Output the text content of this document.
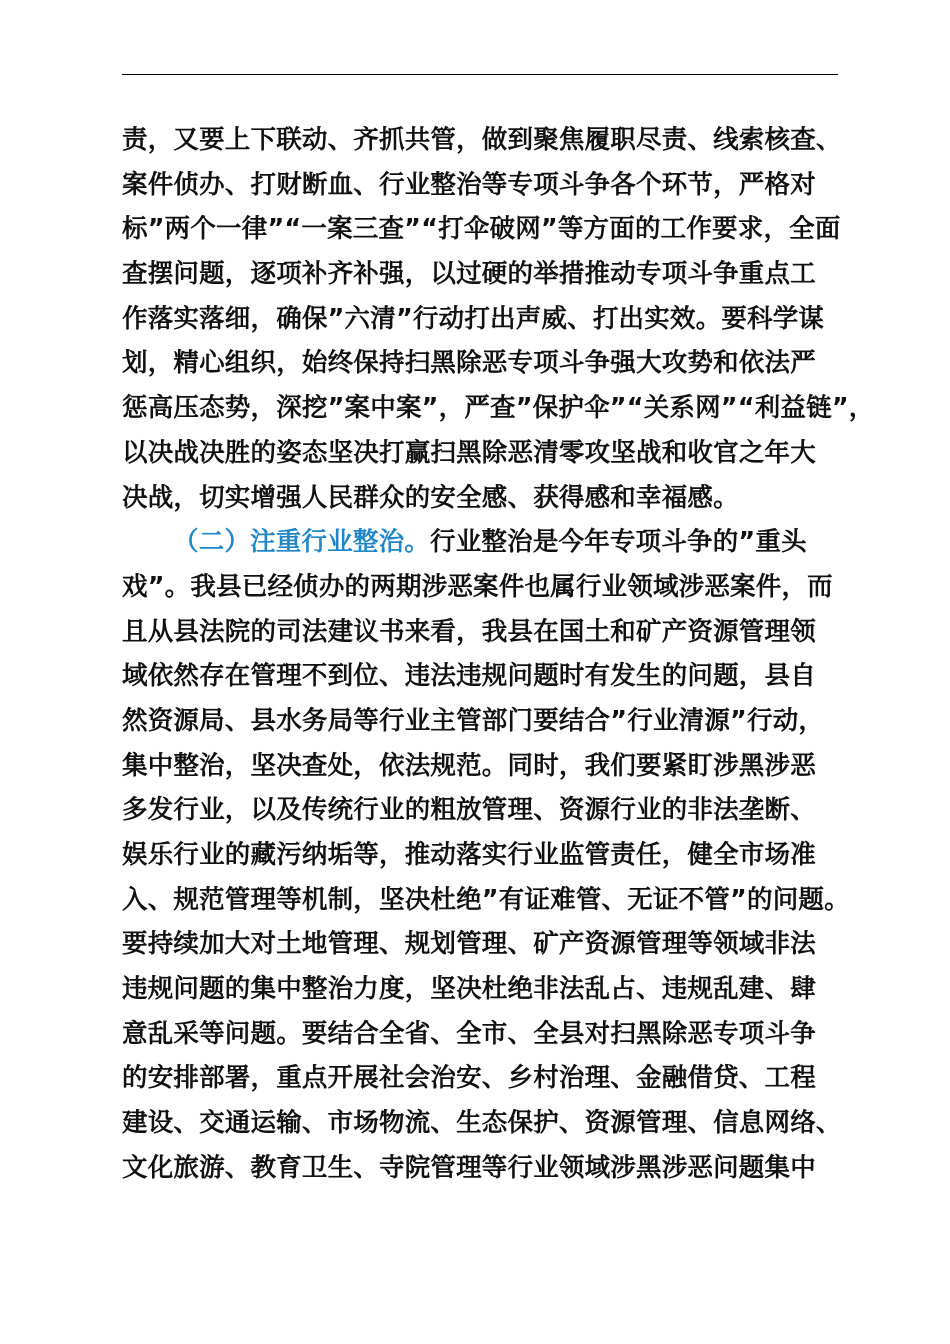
责，又要上下联动、齐抓共管，做到聚焦履职尽责、线索核查、
案件侦办、打财断血、行业整治等专项斗争各个环节，严格对
标”两个一律”“一案三查”“打伞破网”等方面的工作要求，全面
查摆问题，逐项补齐补强，以过硬的举措推动专项斗争重点工
作落实落细，确保”六清”行动打出声威、打出实效。要科学谋
划，精心组织，始终保持扫黑除恶专项斗争强大攻势和依法严
惩高压态势，深挖”案中案”，严查”保护伞”“关系网”“利益链”，
以决战决胜的姿态坚决打赢扫黑除恶清零攻坚战和收官之年大
决战，切实增强人民群众的安全感、获得感和幸福感。
（二）注重行业整治。行业整治是今年专项斗争的”重头
戏”。我县已经侦办的两期涉恶案件也属行业领域涉恶案件，而
且从县法院的司法建议书来看，我县在国土和矿产资源管理领
域依然存在管理不到位、违法违规问题时有发生的问题，县自
然资源局、县水务局等行业主管部门要结合”行业清源”行动，
集中整治，坚决查处，依法规范。同时，我们要紧盯涉黑涉恶
多发行业，以及传统行业的粗放管理、资源行业的非法垄断、
娱乐行业的藏污纳垢等，推动落实行业监管责任，健全市场准
入、规范管理等机制，坚决杜绝”有证难管、无证不管”的问题。
要持续加大对土地管理、规划管理、矿产资源管理等领域非法
违规问题的集中整治力度，坚决杜绝非法乱占、违规乱建、肆
意乱采等问题。要结合全省、全市、全县对扫黑除恶专项斗争
的安排部署，重点开展社会治安、乡村治理、金融借贷、工程
建设、交通运输、市场物流、生态保护、资源管理、信息网络、
文化旅游、教育卫生、寺院管理等行业领域涉黑涉恶问题集中
